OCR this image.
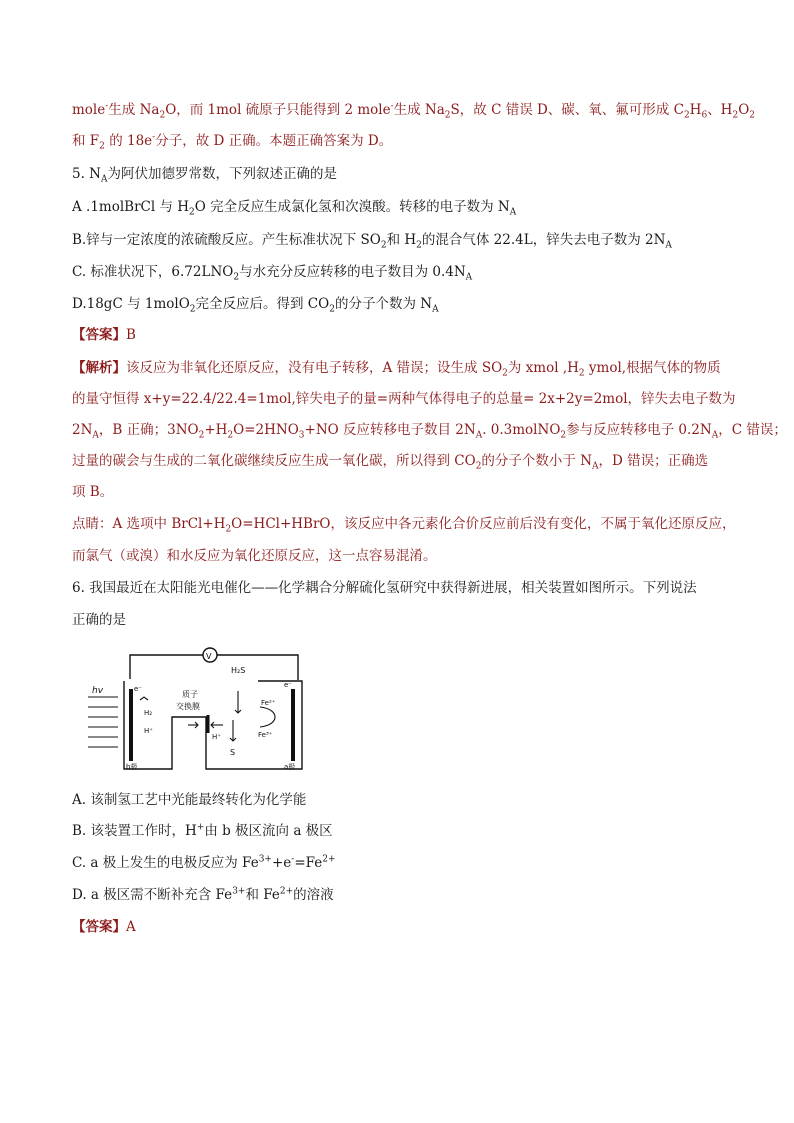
mole-生成 $Na_2O$，而 1mol 硫原子只能得到 2 mole-生成 $Na_2S$，故 C 错误 D、碳、氧、氟可形成 $C_2H_6$、$H_2O_2$
和 $F_2$ 的 18e-分子，故 D 正确。本题正确答案为 D。
5. $N_A$为阿伏加德罗常数，下列叙述正确的是
A .1molBrCl 与 $H_2O$ 完全反应生成氯化氢和次溴酸。转移的电子数为 $N_A$
B.锌与一定浓度的浓硫酸反应。产生标准状况下 $SO_2$和 $H_2$的混合气体 22.4L，锌失去电子数为 $2N_A$
C. 标准状况下，$6.72LNO_2$与水充分反应转移的电子数目为 $0.4N_A$
D.18gC 与 1molO$_2$完全反应后。得到 $CO_2$的分子个数为 $N_A$
【答案】B
【解析】该反应为非氧化还原反应，没有电子转移，A 错误；设生成 $SO_2$为 xmol $,H_2$ ymol,根据气体的物质
的量守恒得 x+y=22.4/22.4=1mol,锌失电子的量=两种气体得电子的总量= 2x+2y=2mol，锌失去电子数为
$2N_A$，B 正确；$3NO_2+H_2O=2HNO_3+NO$ 反应转移电子数目 $2N_A$. 0.3molNO$_2$参与反应转移电子 $0.2N_A$，C 错误；
过量的碳会与生成的二氧化碳继续反应生成一氧化碳，所以得到 $CO_2$的分子个数小于 $N_A$，D 错误；正确选
项 B。
点睛：A 选项中 $BrCl+H_2O=HCl+HBrO$，该反应中各元素化合价反应前后没有变化，不属于氧化还原反应，
而氯气（或溴）和水反应为氧化还原反应，这一点容易混淆。
6. 我国最近在太阳能光电催化——化学耦合分解硫化氢研究中获得新进展，相关装置如图所示。下列说法
正确的是
hv
V
H₂S
e⁻	e⁻
H₂
H⁺
质子
交换膜
H⁺
Fe²⁺
Fe³⁺
S
b极	a极
A. 该制氢工艺中光能最终转化为化学能
B. 该装置工作时，H+由 b 极区流向 a 极区
C. a 极上发生的电极反应为 $Fe^{3+}+e^-=Fe^{2+}$
D. a 极区需不断补充含 $Fe^{3+}$和 $Fe^{2+}$的溶液
【答案】A
